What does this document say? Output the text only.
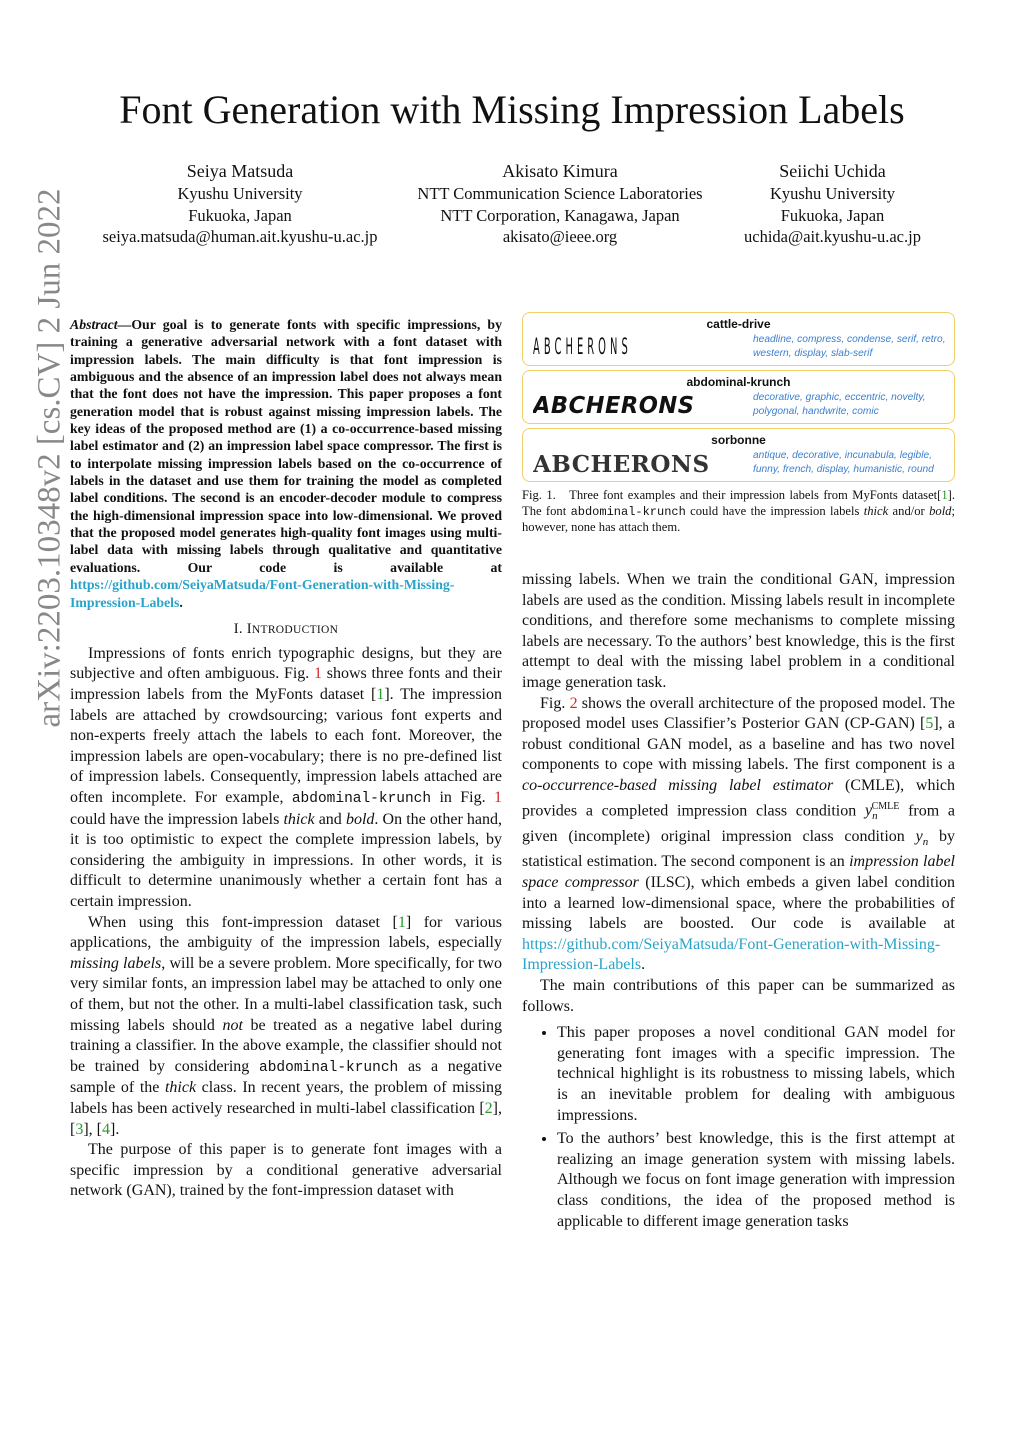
Font Generation with Missing Impression Labels
Seiya Matsuda
Kyushu University
Fukuoka, Japan
seiya.matsuda@human.ait.kyushu-u.ac.jp
Akisato Kimura
NTT Communication Science Laboratories
NTT Corporation, Kanagawa, Japan
akisato@ieee.org
Seiichi Uchida
Kyushu University
Fukuoka, Japan
uchida@ait.kyushu-u.ac.jp
arXiv:2203.10348v2 [cs.CV] 2 Jun 2022 Abstract—Our goal is to generate fonts with specific impressions, by training a generative adversarial network with a font dataset with impression labels. The main difficulty is that font impression is ambiguous and the absence of an impression label does not always mean that the font does not have the impression. This paper proposes a font generation model that is robust against missing impression labels. The key ideas of the proposed method are (1) a co-occurrence-based missing label estimator and (2) an impression label space compressor. The first is to interpolate missing impression labels based on the co-occurrence of labels in the dataset and use them for training the model as completed label conditions. The second is an encoder-decoder module to compress the high-dimensional impression space into low-dimensional. We proved that the proposed model generates high-quality font images using multi-label data with missing labels through qualitative and quantitative evaluations. Our code is available at https://github.com/SeiyaMatsuda/Font-Generation-with-Missing-Impression-Labels.

I. INTRODUCTION

Impressions of fonts enrich typographic designs, but they are subjective and often ambiguous. Fig. 1 shows three fonts and their impression labels from the MyFonts dataset [1]. The impression labels are attached by crowdsourcing; various font experts and non-experts freely attach the labels to each font. Moreover, the impression labels are open-vocabulary; there is no pre-defined list of impression labels. Consequently, impression labels attached are often incomplete. For example, abdominal-krunch in Fig. 1 could have the impression labels thick and bold. On the other hand, it is too optimistic to expect the complete impression labels, by considering the ambiguity in impressions. In other words, it is difficult to determine unanimously whether a certain font has a certain impression.

When using this font-impression dataset [1] for various applications, the ambiguity of the impression labels, especially missing labels, will be a severe problem. More specifically, for two very similar fonts, an impression label may be attached to only one of them, but not the other. In a multi-label classification task, such missing labels should not be treated as a negative label during training a classifier. In the above example, the classifier should not be trained by considering abdominal-krunch as a negative sample of the thick class. In recent years, the problem of missing labels has been actively researched in multi-label classification [2], [3], [4].

The purpose of this paper is to generate font images with a specific impression by a conditional generative adversarial network (GAN), trained by the font-impression dataset with

cattle-drive
ABCHERONS	headline, compress, condense, serif, retro, western, display, slab-serif
abdominal-krunch
ABCHERONS	decorative, graphic, eccentric, novelty, polygonal, handwrite, comic
sorbonne
ABCHERONS	antique, decorative, incunabula, legible, funny, french, display, humanistic, round
Fig. 1. Three font examples and their impression labels from MyFonts dataset[1]. The font abdominal-krunch could have the impression labels thick and/or bold; however, none has attach them.

missing labels. When we train the conditional GAN, impression labels are used as the condition. Missing labels result in incomplete conditions, and therefore some mechanisms to complete missing labels are necessary. To the authors’ best knowledge, this is the first attempt to deal with the missing label problem in a conditional image generation task.

Fig. 2 shows the overall architecture of the proposed model. The proposed model uses Classifier’s Posterior GAN (CP-GAN) [5], a robust conditional GAN model, as a baseline and has two novel components to cope with missing labels. The first component is a co-occurrence-based missing label estimator (CMLE), which provides a completed impression class condition $y_n^{CMLE}$ from a given (incomplete) original impression class condition $y_n$ by statistical estimation. The second component is an impression label space compressor (ILSC), which embeds a given label condition into a learned low-dimensional space, where the probabilities of missing labels are boosted. Our code is available at https://github.com/SeiyaMatsuda/Font-Generation-with-Missing-Impression-Labels.

The main contributions of this paper can be summarized as follows.

• This paper proposes a novel conditional GAN model for generating font images with a specific impression. The technical highlight is its robustness to missing labels, which is an inevitable problem for dealing with ambiguous impressions.
• To the authors’ best knowledge, this is the first attempt at realizing an image generation system with missing labels. Although we focus on font image generation with impression class conditions, the idea of the proposed method is applicable to different image generation tasks
